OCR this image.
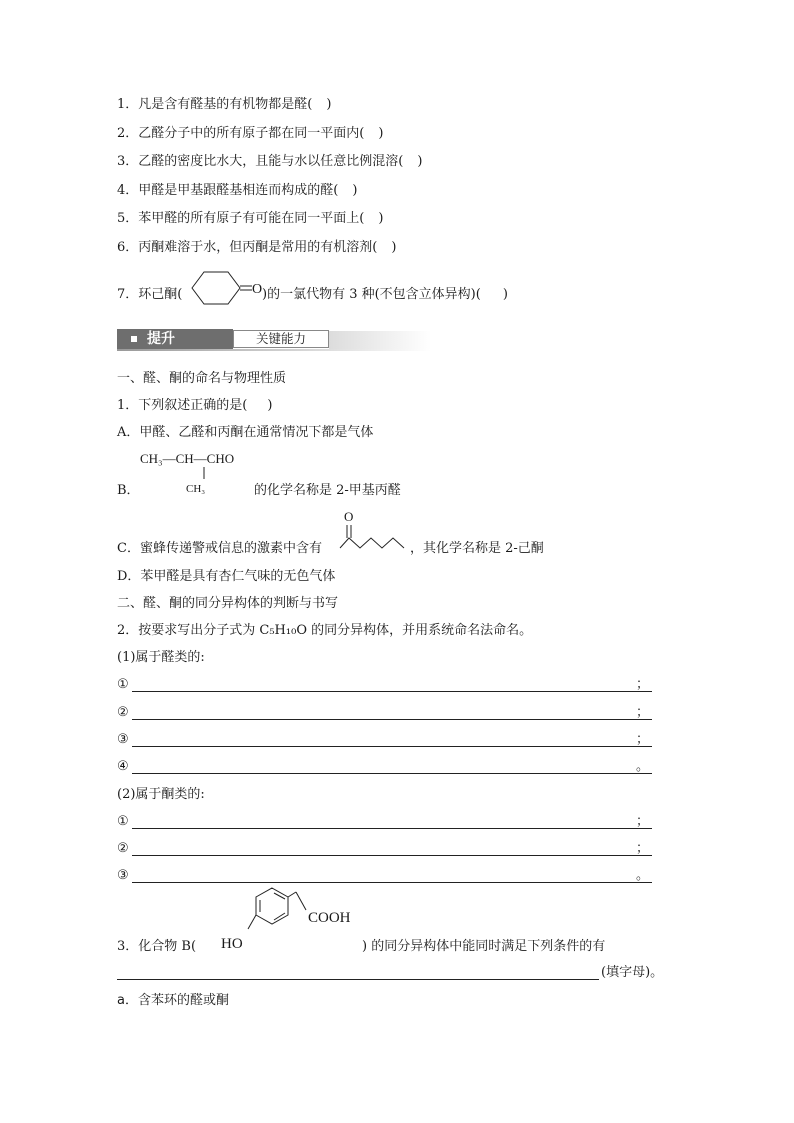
1．凡是含有醛基的有机物都是醛( )
2．乙醛分子中的所有原子都在同一平面内( )
3．乙醛的密度比水大，且能与水以任意比例混溶( )
4．甲醛是甲基跟醛基相连而构成的醛( )
5．苯甲醛的所有原子有可能在同一平面上( )
6．丙酮难溶于水，但丙酮是常用的有机溶剂( )
7．环己酮(	O )的一氯代物有 3 种(不包含立体异构)( )
提升	关键能力
一、醛、酮的命名与物理性质
1．下列叙述正确的是( )
A．甲醛、乙醛和丙酮在通常情况下都是气体
CH₃—CH—CHO
CH₃
B．	的化学名称是 2-甲基丙醛
C．蜜蜂传递警戒信息的激素中含有
O
，其化学名称是 2-己酮
D．苯甲醛是具有杏仁气味的无色气体
二、醛、酮的同分异构体的判断与书写
2．按要求写出分子式为 C₅H₁₀O 的同分异构体，并用系统命名法命名。
(1)属于醛类的:
①	；
②	；
③	；
④	。
(2)属于酮类的:
①	；
②	；
③	。
COOH
HO
3．化合物 B(	) 的同分异构体中能同时满足下列条件的有
(填字母)。
a．含苯环的醛或酮
